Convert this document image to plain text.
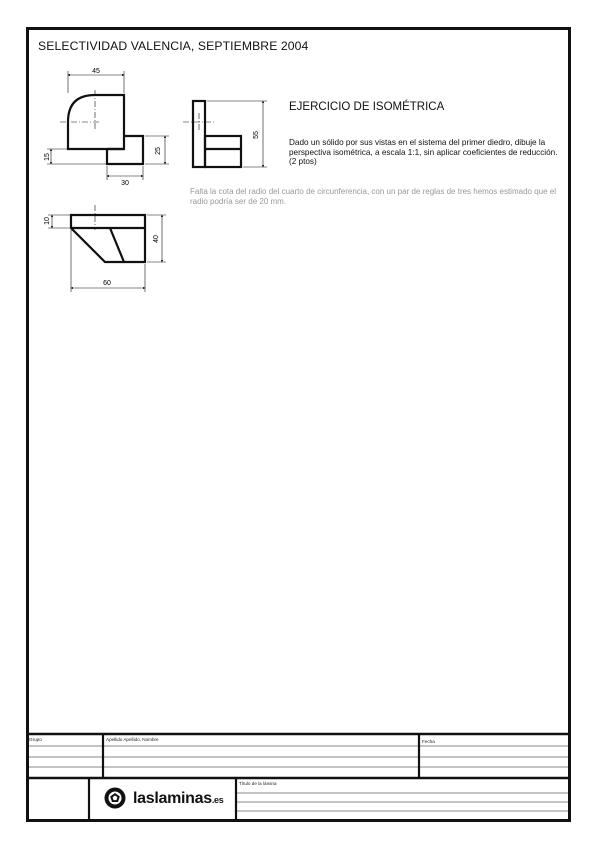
SELECTIVIDAD VALENCIA, SEPTIEMBRE 2004
EJERCICIO DE ISOMÉTRICA
Dado un sólido por sus vistas en el sistema del primer diedro, dibuje la perspectiva isométrica, a escala 1:1, sin aplicar coeficientes de reducción. (2 ptos)
Falta la cota del radio del cuarto de circunferencia, con un par de reglas de tres hemos estimado que el radio podría ser de 20 mm.
45
15
25
30
55
10
40
60
Grupo	Apellido Apellido, Nombre	Fecha
Título de la lámina
laslaminas.es
